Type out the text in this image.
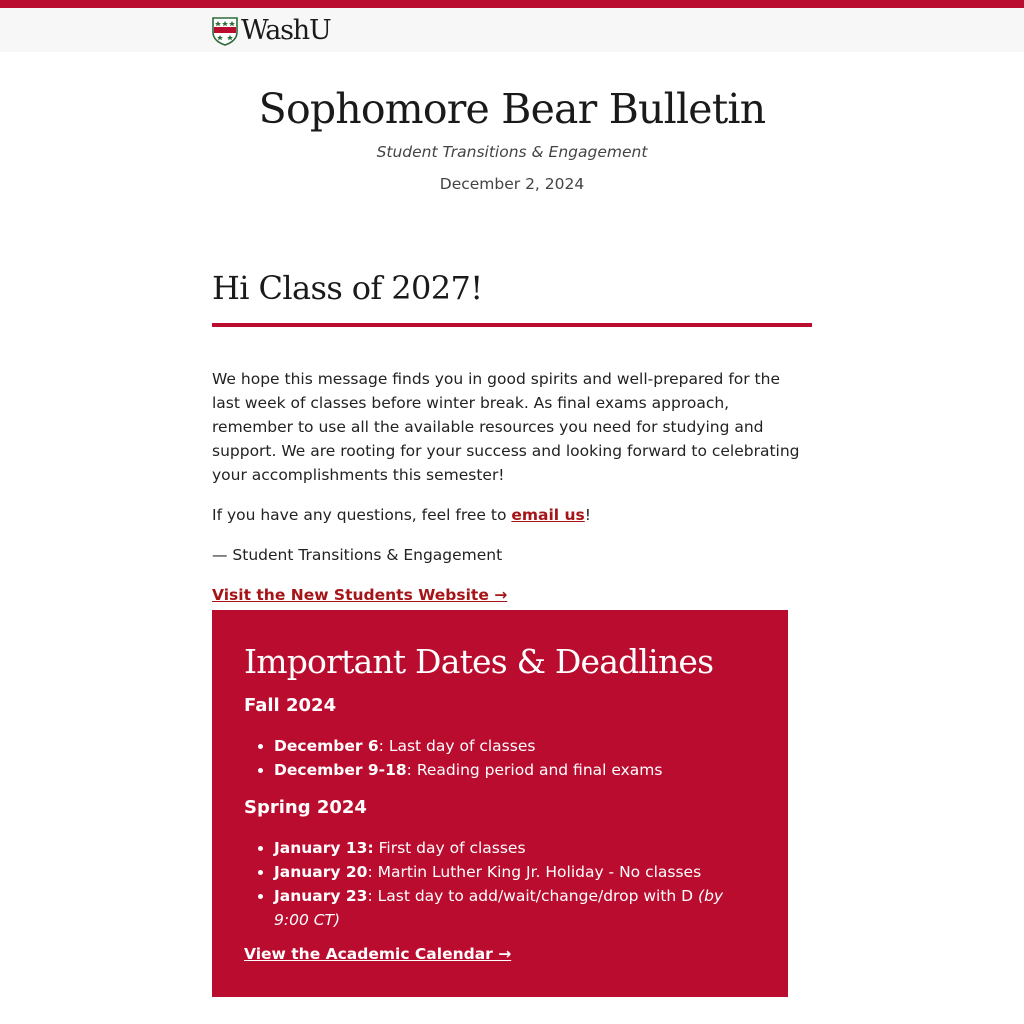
WashU
Sophomore Bear Bulletin
Student Transitions & Engagement
December 2, 2024
Hi Class of 2027!

We hope this message finds you in good spirits and well-prepared for the last week of classes before winter break. As final exams approach, remember to use all the available resources you need for studying and support. We are rooting for your success and looking forward to celebrating your accomplishments this semester!

If you have any questions, feel free to email us!

— Student Transitions & Engagement

Visit the New Students Website →

Important Dates & Deadlines
Fall 2024
• December 6: Last day of classes
• December 9-18: Reading period and final exams
Spring 2024
• January 13: First day of classes
• January 20: Martin Luther King Jr. Holiday - No classes
• January 23: Last day to add/wait/change/drop with D (by 9:00 CT)
View the Academic Calendar →
